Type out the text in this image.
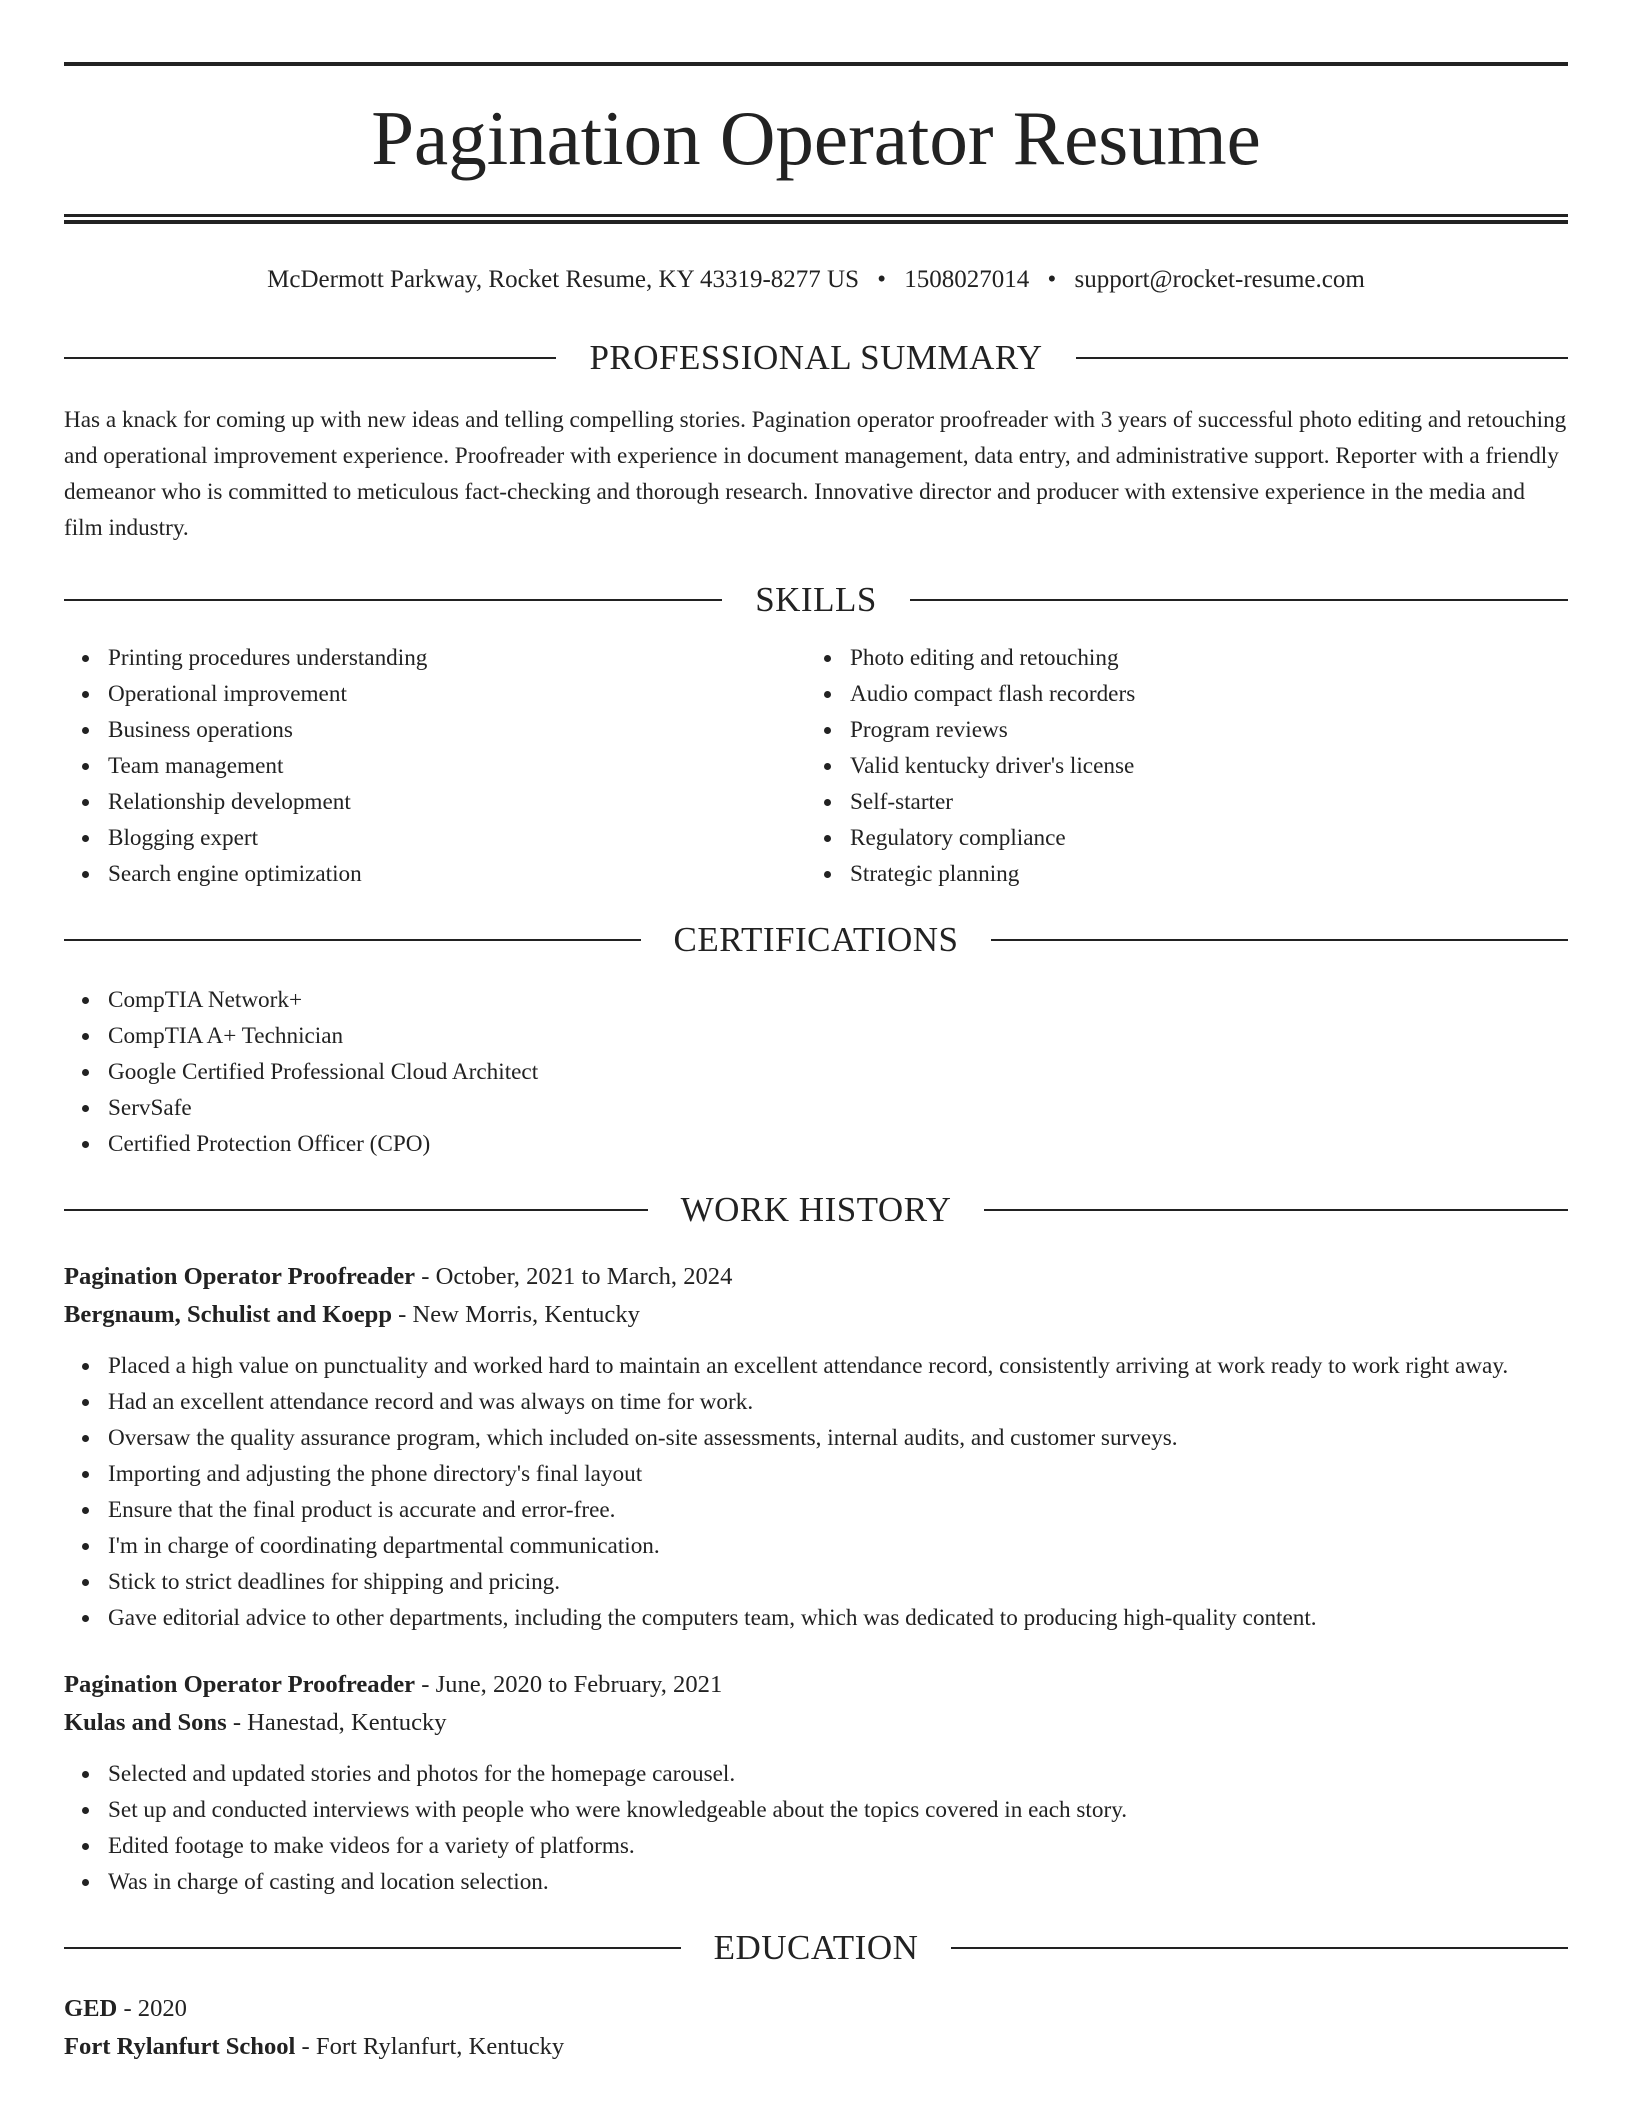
Pagination Operator Resume
McDermott Parkway, Rocket Resume, KY 43319-8277 US • 1508027014 • support@rocket-resume.com
PROFESSIONAL SUMMARY
Has a knack for coming up with new ideas and telling compelling stories. Pagination operator proofreader with 3 years of successful photo editing and retouching and operational improvement experience. Proofreader with experience in document management, data entry, and administrative support. Reporter with a friendly demeanor who is committed to meticulous fact-checking and thorough research. Innovative director and producer with extensive experience in the media and film industry.
SKILLS
Printing procedures understanding
Operational improvement
Business operations
Team management
Relationship development
Blogging expert
Search engine optimization
Photo editing and retouching
Audio compact flash recorders
Program reviews
Valid kentucky driver's license
Self-starter
Regulatory compliance
Strategic planning
CERTIFICATIONS
CompTIA Network+
CompTIA A+ Technician
Google Certified Professional Cloud Architect
ServSafe
Certified Protection Officer (CPO)
WORK HISTORY
Pagination Operator Proofreader - October, 2021 to March, 2024
Bergnaum, Schulist and Koepp - New Morris, Kentucky
Placed a high value on punctuality and worked hard to maintain an excellent attendance record, consistently arriving at work ready to work right away.
Had an excellent attendance record and was always on time for work.
Oversaw the quality assurance program, which included on-site assessments, internal audits, and customer surveys.
Importing and adjusting the phone directory's final layout
Ensure that the final product is accurate and error-free.
I'm in charge of coordinating departmental communication.
Stick to strict deadlines for shipping and pricing.
Gave editorial advice to other departments, including the computers team, which was dedicated to producing high-quality content.
Pagination Operator Proofreader - June, 2020 to February, 2021
Kulas and Sons - Hanestad, Kentucky
Selected and updated stories and photos for the homepage carousel.
Set up and conducted interviews with people who were knowledgeable about the topics covered in each story.
Edited footage to make videos for a variety of platforms.
Was in charge of casting and location selection.
EDUCATION
GED - 2020
Fort Rylanfurt School - Fort Rylanfurt, Kentucky
